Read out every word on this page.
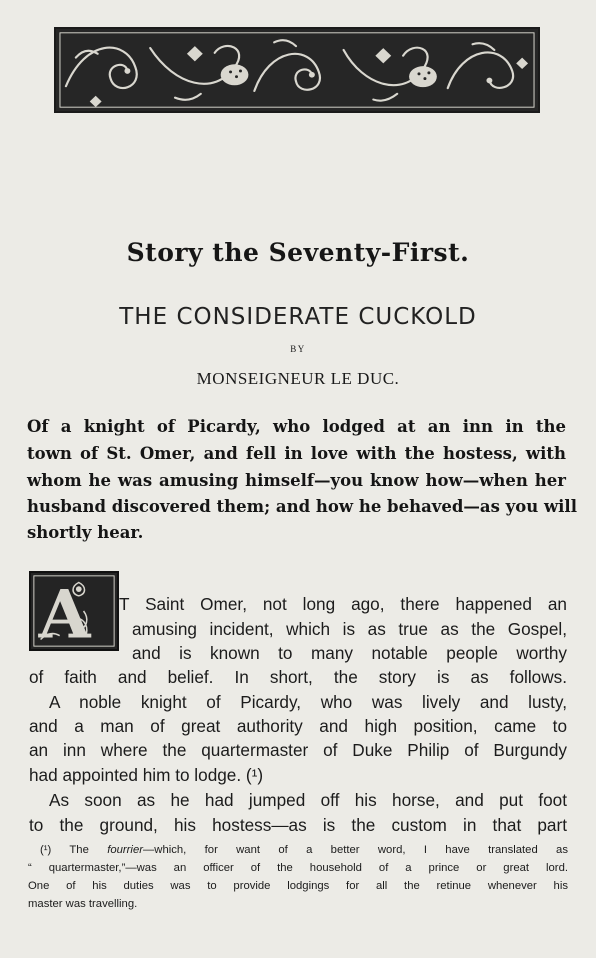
Story the Seventy-First.
THE CONSIDERATE CUCKOLD
BY
MONSEIGNEUR LE DUC.
Of a knight of Picardy, who lodged at an inn in the
town of St. Omer, and fell in love with the hostess, with
whom he was amusing himself—you know how—when her
husband discovered them; and how he behaved—as you will
shortly hear.
A T Saint Omer, not long ago, there happened an
amusing incident, which is as true as the Gospel,
and is known to many notable people worthy
of faith and belief. In short, the story is as follows.
A noble knight of Picardy, who was lively and lusty,
and a man of great authority and high position, came to
an inn where the quartermaster of Duke Philip of Burgundy
had appointed him to lodge. (¹)
As soon as he had jumped off his horse, and put foot
to the ground, his hostess—as is the custom in that part
(¹) The fourrier—which, for want of a better word, I have translated as
“ quartermaster,”—was an officer of the household of a prince or great lord.
One of his duties was to provide lodgings for all the retinue whenever his
master was travelling.
